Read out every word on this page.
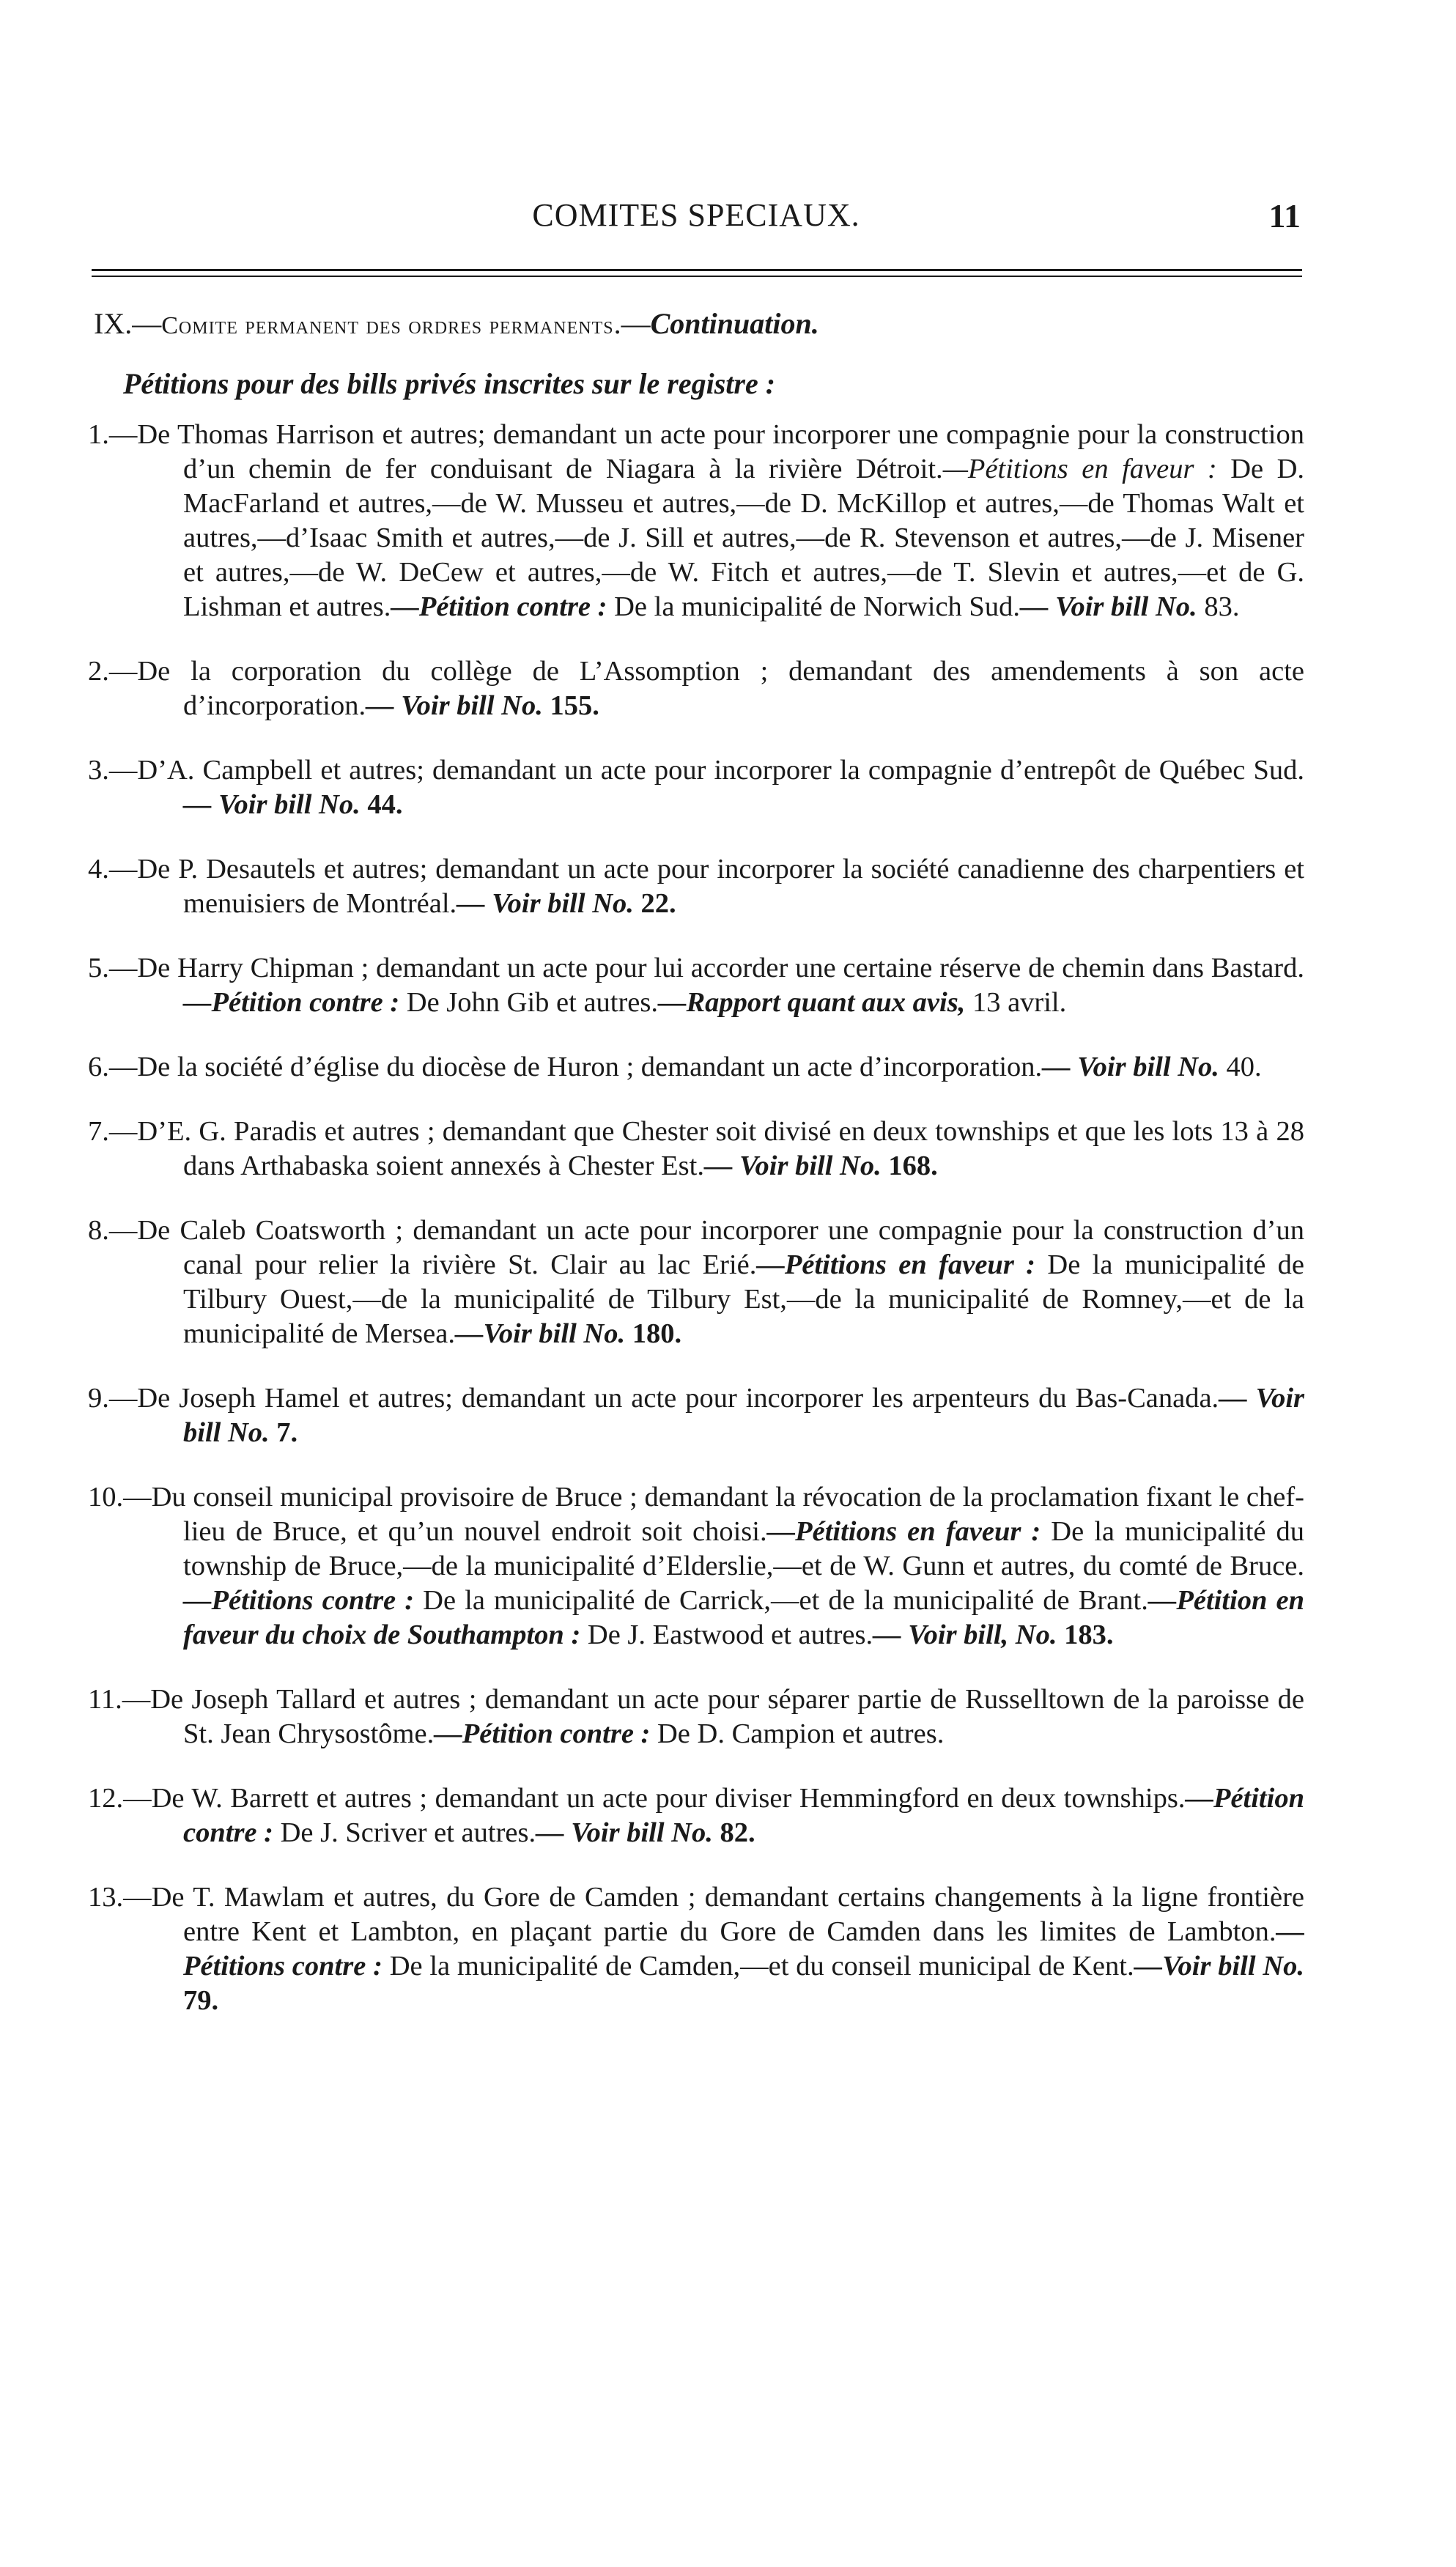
COMITES SPECIAUX.	11
IX.—Comite permanent des ordres permanents.—Continuation.
Pétitions pour des bills privés inscrites sur le registre :

1.—De Thomas Harrison et autres; demandant un acte pour incorporer une compagnie pour la construction d’un chemin de fer conduisant de Niagara à la rivière Détroit.—Pétitions en faveur : De D. MacFarland et autres,—de W. Musseu et autres,—de D. McKillop et autres,—de Thomas Walt et autres,—d’Isaac Smith et autres,—de J. Sill et autres,—de R. Stevenson et autres,—de J. Misener et autres,—de W. DeCew et autres,—de W. Fitch et autres,—de T. Slevin et autres,—et de G. Lishman et autres.—Pétition contre : De la municipalité de Norwich Sud.— Voir bill No. 83.

2.—De la corporation du collège de L’Assomption ; demandant des amendements à son acte d’incorporation.— Voir bill No. 155.

3.—D’A. Campbell et autres; demandant un acte pour incorporer la compagnie d’entrepôt de Québec Sud.— Voir bill No. 44.

4.—De P. Desautels et autres; demandant un acte pour incorporer la société canadienne des charpentiers et menuisiers de Montréal.— Voir bill No. 22.

5.—De Harry Chipman ; demandant un acte pour lui accorder une certaine réserve de chemin dans Bastard.—Pétition contre : De John Gib et autres.—Rapport quant aux avis, 13 avril.

6.—De la société d’église du diocèse de Huron ; demandant un acte d’incorporation.— Voir bill No. 40.

7.—D’E. G. Paradis et autres ; demandant que Chester soit divisé en deux townships et que les lots 13 à 28 dans Arthabaska soient annexés à Chester Est.— Voir bill No. 168.

8.—De Caleb Coatsworth ; demandant un acte pour incorporer une compagnie pour la construction d’un canal pour relier la rivière St. Clair au lac Erié.—Pétitions en faveur : De la municipalité de Tilbury Ouest,—de la municipalité de Tilbury Est,—de la municipalité de Romney,—et de la municipalité de Mersea.—Voir bill No. 180.

9.—De Joseph Hamel et autres; demandant un acte pour incorporer les arpenteurs du Bas-Canada.— Voir bill No. 7.

10.—Du conseil municipal provisoire de Bruce ; demandant la révocation de la proclamation fixant le chef-lieu de Bruce, et qu’un nouvel endroit soit choisi.—Pétitions en faveur : De la municipalité du township de Bruce,—de la municipalité d’Elderslie,—et de W. Gunn et autres, du comté de Bruce.—Pétitions contre : De la municipalité de Carrick,—et de la municipalité de Brant.—Pétition en faveur du choix de Southampton : De J. Eastwood et autres.— Voir bill, No. 183.

11.—De Joseph Tallard et autres ; demandant un acte pour séparer partie de Russelltown de la paroisse de St. Jean Chrysostôme.—Pétition contre : De D. Campion et autres.

12.—De W. Barrett et autres ; demandant un acte pour diviser Hemmingford en deux townships.—Pétition contre : De J. Scriver et autres.— Voir bill No. 82.

13.—De T. Mawlam et autres, du Gore de Camden ; demandant certains changements à la ligne frontière entre Kent et Lambton, en plaçant partie du Gore de Camden dans les limites de Lambton.—Pétitions contre : De la municipalité de Camden,—et du conseil municipal de Kent.—Voir bill No. 79.
